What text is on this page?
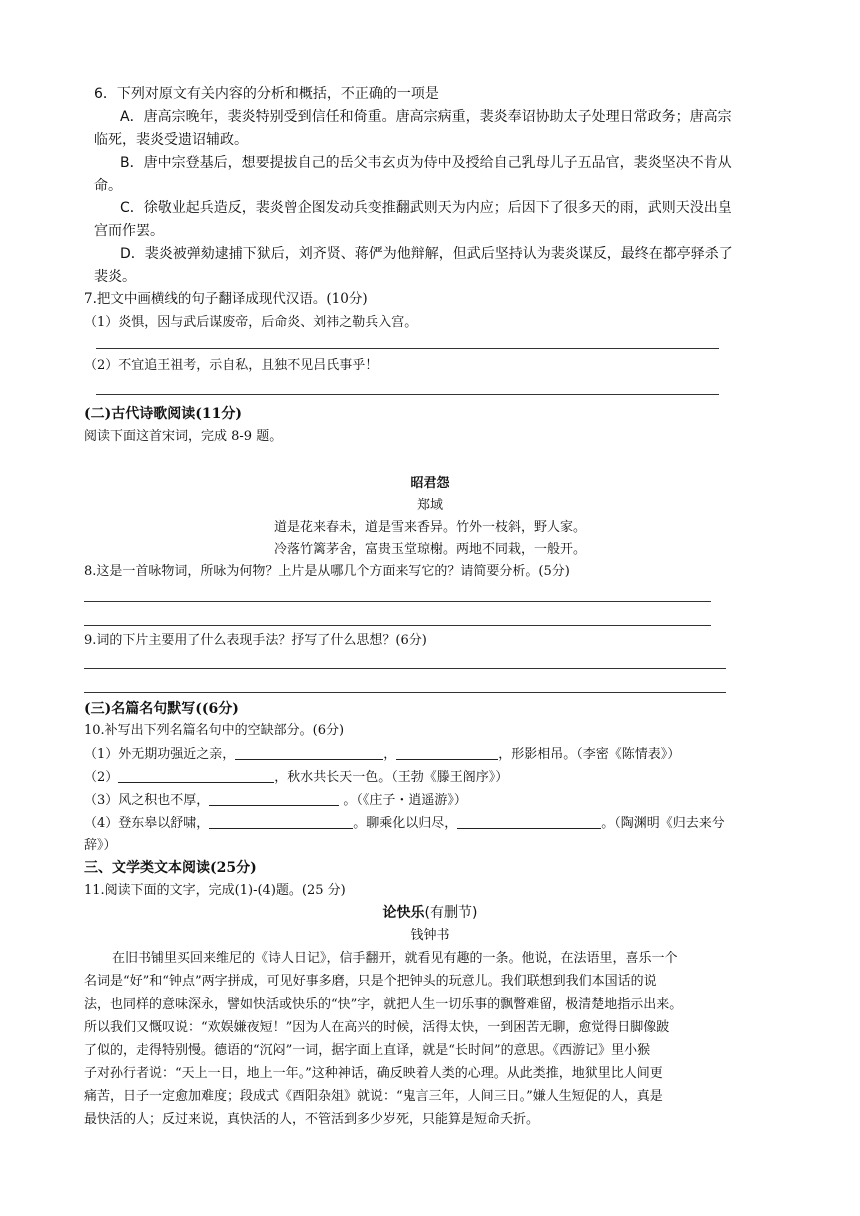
6．下列对原文有关内容的分析和概括，不正确的一项是
A．唐高宗晚年，裴炎特别受到信任和倚重。唐高宗病重，裴炎奉诏协助太子处理日常政务；唐高宗
临死，裴炎受遗诏辅政。
B．唐中宗登基后，想要提拔自己的岳父韦玄贞为侍中及授给自己乳母儿子五品官，裴炎坚决不肯从
命。
C．徐敬业起兵造反，裴炎曾企图发动兵变推翻武则天为内应；后因下了很多天的雨，武则天没出皇
宫而作罢。
D．裴炎被弹劾逮捕下狱后，刘齐贤、蒋俨为他辩解，但武后坚持认为裴炎谋反，最终在都亭驿杀了
裴炎。
7.把文中画横线的句子翻译成现代汉语。(10分)
（1）炎惧，因与武后谋废帝，后命炎、刘祎之勒兵入宫。
（2）不宜追王祖考，示自私，且独不见吕氏事乎！
(二)古代诗歌阅读(11分)
阅读下面这首宋词，完成 8-9 题。
昭君怨
郑域
道是花来春未，道是雪来香异。竹外一枝斜，野人家。
冷落竹篱茅舍，富贵玉堂琼榭。两地不同栽，一般开。
8.这是一首咏物词，所咏为何物？上片是从哪几个方面来写它的？请简要分析。(5分)
9.词的下片主要用了什么表现手法？抒写了什么思想？(6分)
(三)名篇名句默写((6分)
10.补写出下列名篇名句中的空缺部分。(6分)
（1）外无期功强近之亲，	，	，形影相吊。（李密《陈情表》）
（2）	，秋水共长天一色。（王勃《滕王阁序》）
（3）风之积也不厚，	。（《庄子・逍遥游》）
（4）登东皋以舒啸，	。聊乘化以归尽，	。（陶渊明《归去来兮
辞》）
三、文学类文本阅读(25分)
11.阅读下面的文字，完成(1)-(4)题。(25 分)
论快乐(有删节)
钱钟书
在旧书铺里买回来维尼的《诗人日记》，信手翻开，就看见有趣的一条。他说，在法语里，喜乐一个
名词是“好”和“钟点”两字拼成，可见好事多磨，只是个把钟头的玩意儿。我们联想到我们本国话的说
法，也同样的意味深永，譬如快活或快乐的“快”字，就把人生一切乐事的飘瞥难留，极清楚地指示出来。
所以我们又慨叹说：“欢娱嫌夜短！”因为人在高兴的时候，活得太快，一到困苦无聊，愈觉得日脚像跛
了似的，走得特别慢。德语的“沉闷”一词，据字面上直译，就是“长时间”的意思。《西游记》里小猴
子对孙行者说：“天上一日，地上一年。”这种神话，确反映着人类的心理。从此类推，地狱里比人间更
痛苦，日子一定愈加难度；段成式《酉阳杂俎》就说：“鬼言三年，人间三日。”嫌人生短促的人，真是
最快活的人；反过来说，真快活的人，不管活到多少岁死，只能算是短命夭折。
